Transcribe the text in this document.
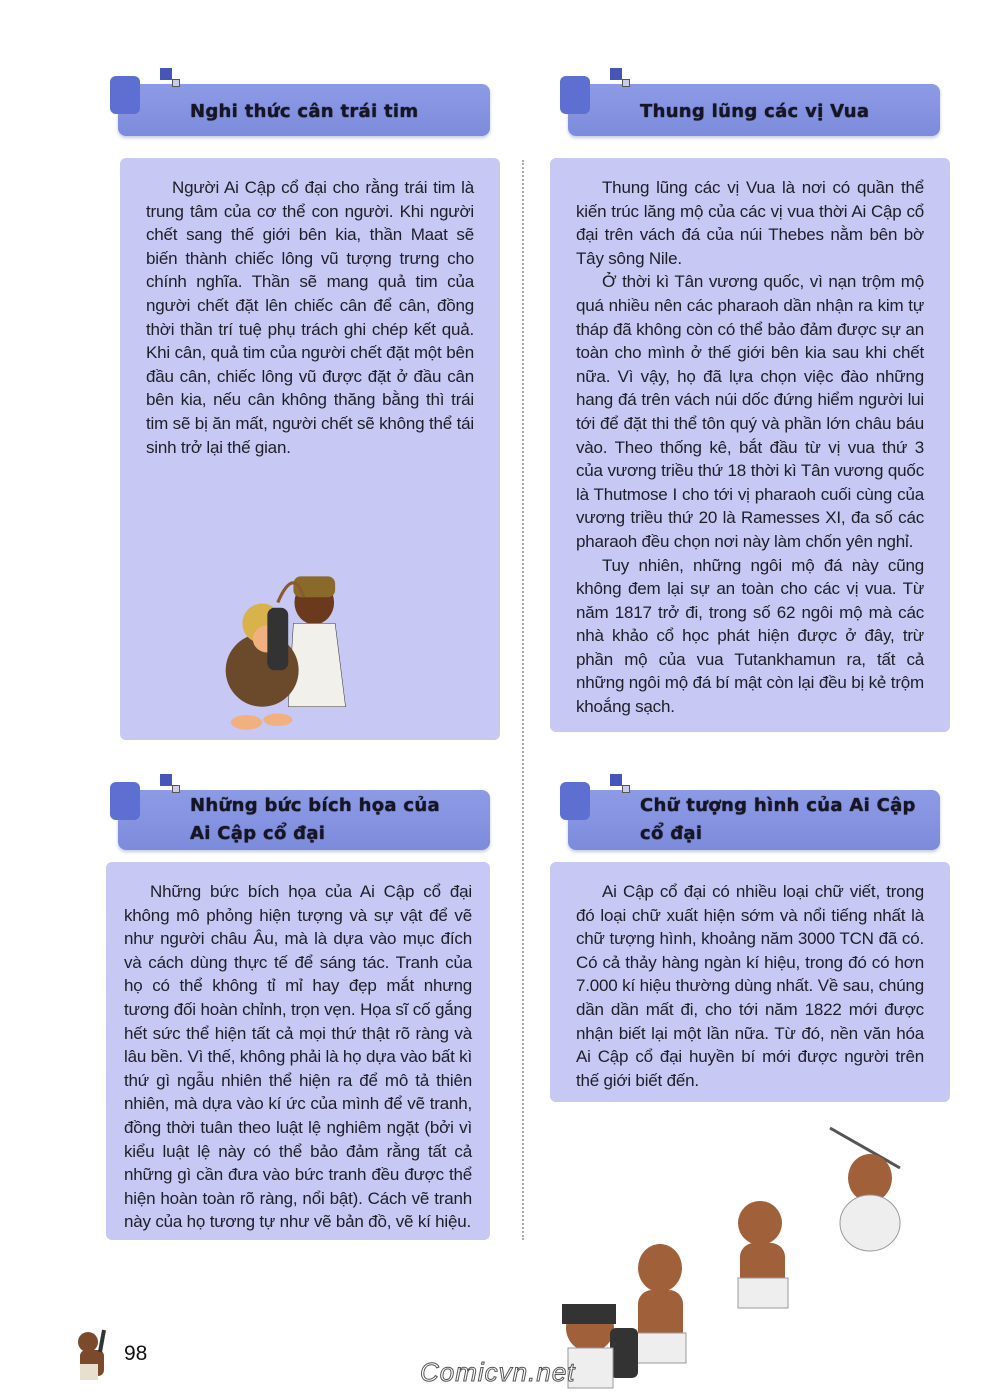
Nghi thức cân trái tim

Người Ai Cập cổ đại cho rằng trái tim là trung tâm của cơ thể con người. Khi người chết sang thế giới bên kia, thần Maat sẽ biến thành chiếc lông vũ tượng trưng cho chính nghĩa. Thần sẽ mang quả tim của người chết đặt lên chiếc cân để cân, đồng thời thần trí tuệ phụ trách ghi chép kết quả. Khi cân, quả tim của người chết đặt một bên đầu cân, chiếc lông vũ được đặt ở đầu cân bên kia, nếu cân không thăng bằng thì trái tim sẽ bị ăn mất, người chết sẽ không thể tái sinh trở lại thế gian.

Thung lũng các vị Vua

Thung lũng các vị Vua là nơi có quần thể kiến trúc lăng mộ của các vị vua thời Ai Cập cổ đại trên vách đá của núi Thebes nằm bên bờ Tây sông Nile.

Ở thời kì Tân vương quốc, vì nạn trộm mộ quá nhiều nên các pharaoh dần nhận ra kim tự tháp đã không còn có thể bảo đảm được sự an toàn cho mình ở thế giới bên kia sau khi chết nữa. Vì vậy, họ đã lựa chọn việc đào những hang đá trên vách núi dốc đứng hiểm người lui tới để đặt thi thể tôn quý và phần lớn châu báu vào. Theo thống kê, bắt đầu từ vị vua thứ 3 của vương triều thứ 18 thời kì Tân vương quốc là Thutmose I cho tới vị pharaoh cuối cùng của vương triều thứ 20 là Ramesses XI, đa số các pharaoh đều chọn nơi này làm chốn yên nghỉ.

Tuy nhiên, những ngôi mộ đá này cũng không đem lại sự an toàn cho các vị vua. Từ năm 1817 trở đi, trong số 62 ngôi mộ mà các nhà khảo cổ học phát hiện được ở đây, trừ phần mộ của vua Tutankhamun ra, tất cả những ngôi mộ đá bí mật còn lại đều bị kẻ trộm khoắng sạch.

Những bức bích họa của
Ai Cập cổ đại

Những bức bích họa của Ai Cập cổ đại không mô phỏng hiện tượng và sự vật để vẽ như người châu Âu, mà là dựa vào mục đích và cách dùng thực tế để sáng tác. Tranh của họ có thể không tỉ mỉ hay đẹp mắt nhưng tương đối hoàn chỉnh, trọn vẹn. Họa sĩ cố gắng hết sức thể hiện tất cả mọi thứ thật rõ ràng và lâu bền. Vì thế, không phải là họ dựa vào bất kì thứ gì ngẫu nhiên thể hiện ra để mô tả thiên nhiên, mà dựa vào kí ức của mình để vẽ tranh, đồng thời tuân theo luật lệ nghiêm ngặt (bởi vì kiểu luật lệ này có thể bảo đảm rằng tất cả những gì cần đưa vào bức tranh đều được thể hiện hoàn toàn rõ ràng, nổi bật). Cách vẽ tranh này của họ tương tự như vẽ bản đồ, vẽ kí hiệu.

Chữ tượng hình của Ai Cập
cổ đại

Ai Cập cổ đại có nhiều loại chữ viết, trong đó loại chữ xuất hiện sớm và nổi tiếng nhất là chữ tượng hình, khoảng năm 3000 TCN đã có. Có cả thảy hàng ngàn kí hiệu, trong đó có hơn 7.000 kí hiệu thường dùng nhất. Về sau, chúng dần dần mất đi, cho tới năm 1822 mới được nhận biết lại một lần nữa. Từ đó, nền văn hóa Ai Cập cổ đại huyền bí mới được người trên thế giới biết đến.

98
Comicvn.net
